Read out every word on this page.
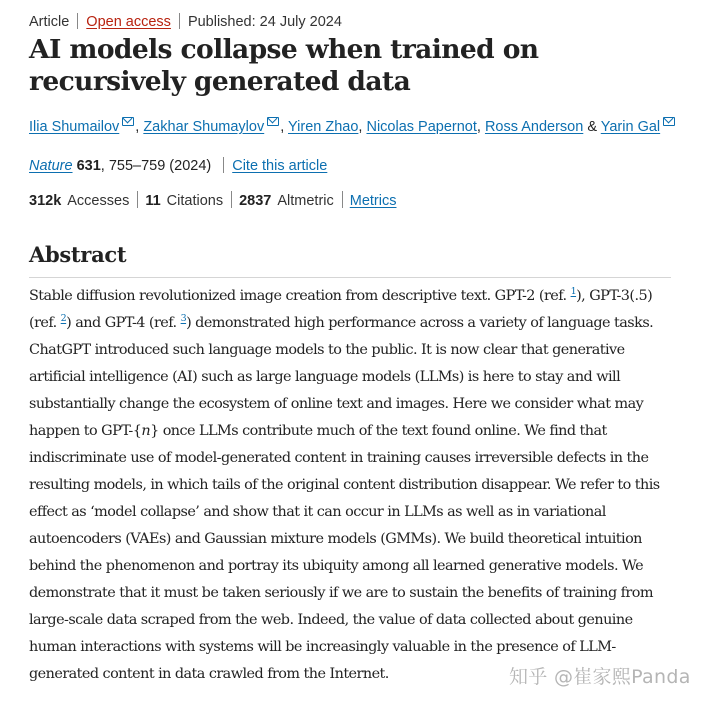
Article Open access Published: 24 July 2024
AI models collapse when trained on recursively generated data
Ilia Shumailov , Zakhar Shumaylov , Yiren Zhao, Nicolas Papernot, Ross Anderson & Yarin Gal
Nature 631, 755–759 (2024) Cite this article
312k Accesses 11 Citations 2837 Altmetric Metrics
Abstract
Stable diffusion revolutionized image creation from descriptive text. GPT-2 (ref. $^1$), GPT-3(.5)
(ref. $^2$) and GPT-4 (ref. $^3$) demonstrated high performance across a variety of language tasks.
ChatGPT introduced such language models to the public. It is now clear that generative
artificial intelligence (AI) such as large language models (LLMs) is here to stay and will
substantially change the ecosystem of online text and images. Here we consider what may
happen to GPT-{n} once LLMs contribute much of the text found online. We find that
indiscriminate use of model-generated content in training causes irreversible defects in the
resulting models, in which tails of the original content distribution disappear. We refer to this
effect as ‘model collapse’ and show that it can occur in LLMs as well as in variational
autoencoders (VAEs) and Gaussian mixture models (GMMs). We build theoretical intuition
behind the phenomenon and portray its ubiquity among all learned generative models. We
demonstrate that it must be taken seriously if we are to sustain the benefits of training from
large-scale data scraped from the web. Indeed, the value of data collected about genuine
human interactions with systems will be increasingly valuable in the presence of LLM-
generated content in data crawled from the Internet.	知乎 @崔家熙Panda
